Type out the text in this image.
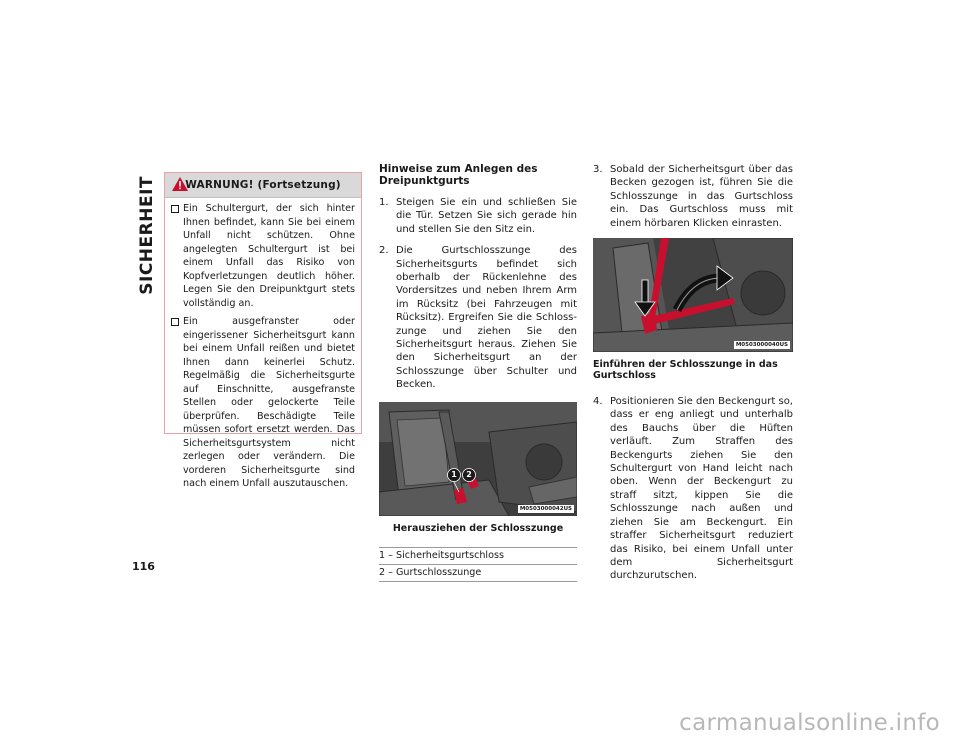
SICHERHEIT
116
WARNUNG! (Fortsetzung)
Ein Schultergurt, der sich hinter Ihnen befindet, kann Sie bei einem Unfall nicht schützen. Ohne angelegten Schultergurt ist bei einem Unfall das Risiko von Kopfverletzungen deutlich höher. Legen Sie den Dreipunktgurt stets vollständig an.
Ein ausgefranster oder eingerissener Sicherheitsgurt kann bei einem Unfall reißen und bietet Ihnen dann keinerlei Schutz. Regelmäßig die Sicherheitsgurte auf Einschnitte, ausgefranste Stellen oder gelockerte Teile überprüfen. Beschädigte Teile müssen sofort ersetzt werden. Das Sicherheitsgurtsystem nicht zerlegen oder verändern. Die vorderen Sicherheitsgurte sind nach einem Unfall auszutauschen.
Hinweise zum Anlegen des Dreipunktgurts
1. Steigen Sie ein und schließen Sie die Tür. Setzen Sie sich gerade hin und stellen Sie den Sitz ein.
2. Die Gurtschlosszunge des Sicherheitsgurts befindet sich oberhalb der Rückenlehne des Vordersitzes und neben Ihrem Arm im Rücksitz (bei Fahrzeugen mit Rücksitz). Ergreifen Sie die Schlosszunge und ziehen Sie den Sicherheitsgurt heraus. Ziehen Sie den Sicherheitsgurt an der Schlosszunge über Schulter und Becken.
1	2
M0503000042US
Herausziehen der Schlosszunge
1 – Sicherheitsgurtschloss
2 – Gurtschlosszunge
3. Sobald der Sicherheitsgurt über das Becken gezogen ist, führen Sie die Schlosszunge in das Gurtschloss ein. Das Gurtschloss muss mit einem hörbaren Klicken einrasten.
M0503000040US
Einführen der Schlosszunge in das Gurtschloss
4. Positionieren Sie den Beckengurt so, dass er eng anliegt und unterhalb des Bauchs über die Hüften verläuft. Zum Straffen des Beckengurts ziehen Sie den Schultergurt von Hand leicht nach oben. Wenn der Beckengurt zu straff sitzt, kippen Sie die Schlosszunge nach außen und ziehen Sie am Beckengurt. Ein straffer Sicherheitsgurt reduziert das Risiko, bei einem Unfall unter dem Sicherheitsgurt durchzurutschen.
carmanualsonline.info
